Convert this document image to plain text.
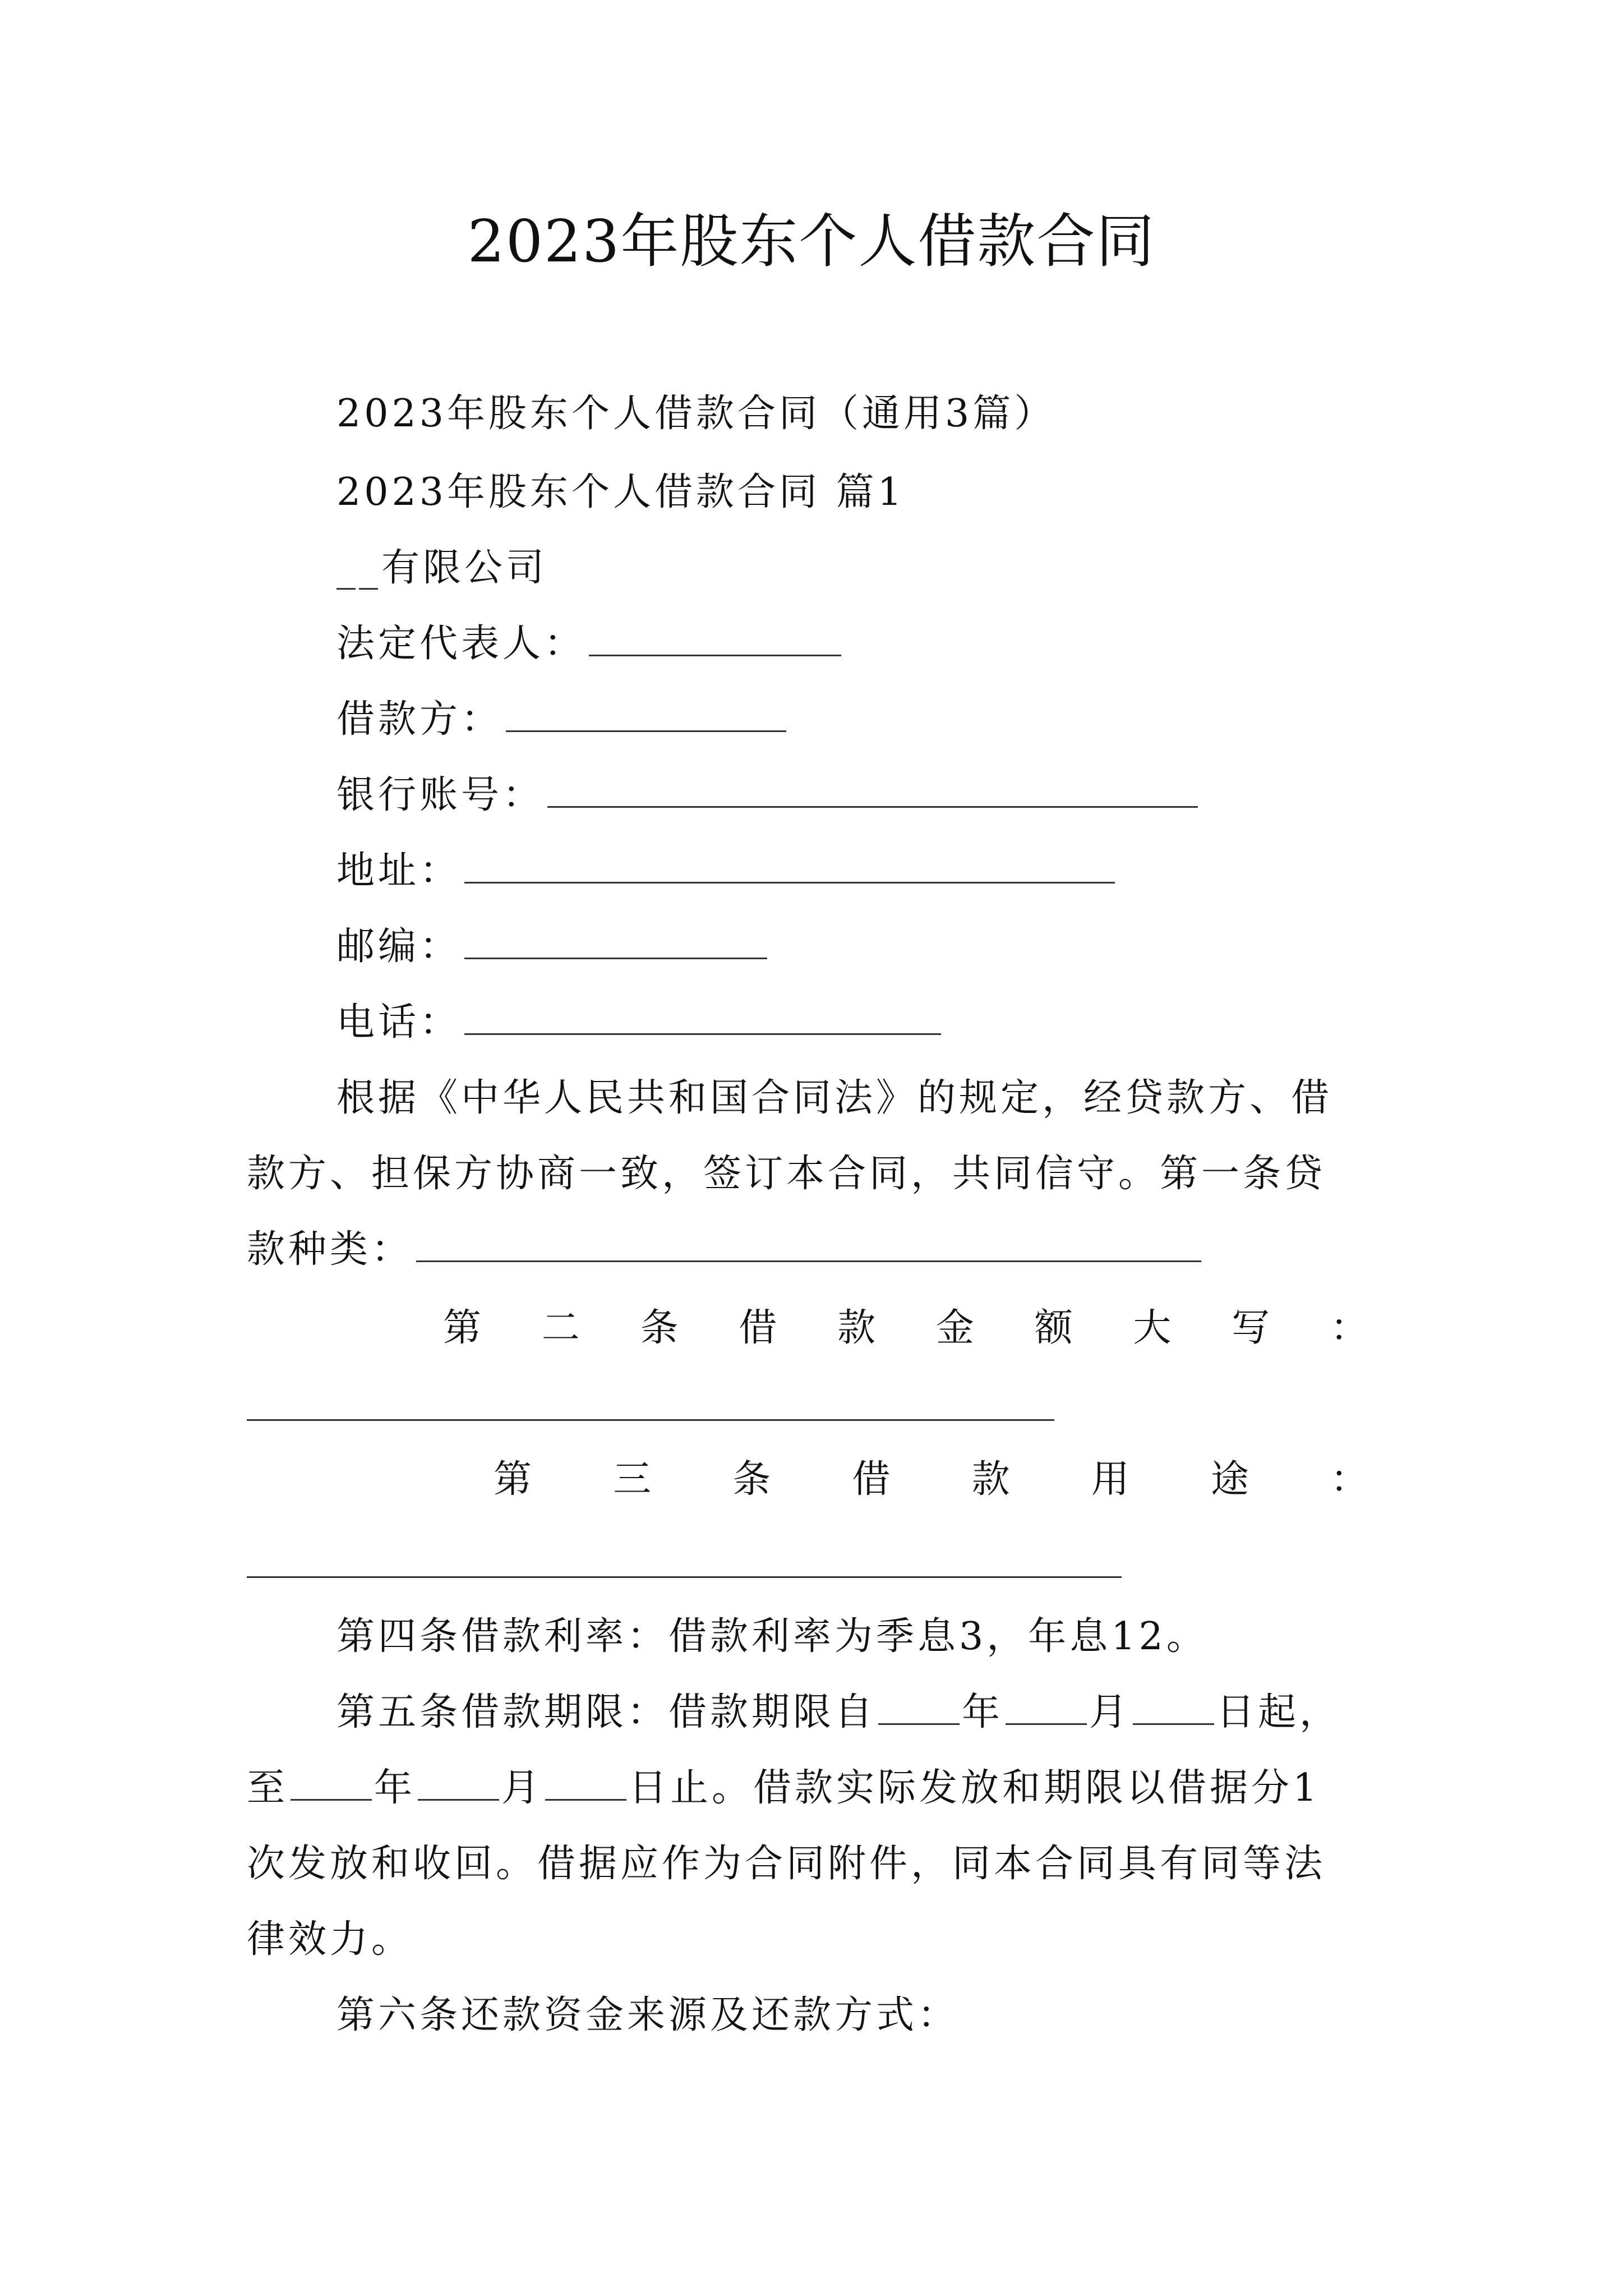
2023年股东个人借款合同
2023年股东个人借款合同（通用3篇）
2023年股东个人借款合同 篇1
__有限公司
法定代表人：
借款方：
银行账号：
地址：
邮编：
电话：
根据《中华人民共和国合同法》的规定，经贷款方、借
款方、担保方协商一致，签订本合同，共同信守。第一条贷
款种类：
第 二 条 借 款 金 额 大 写 ：
第 三 条 借 款 用 途 ：
第四条借款利率：借款利率为季息3，年息12。
第五条借款期限：借款期限自 年 月 日起，
至 年 月 日止。借款实际发放和期限以借据分1
次发放和收回。借据应作为合同附件，同本合同具有同等法
律效力。
第六条还款资金来源及还款方式：
